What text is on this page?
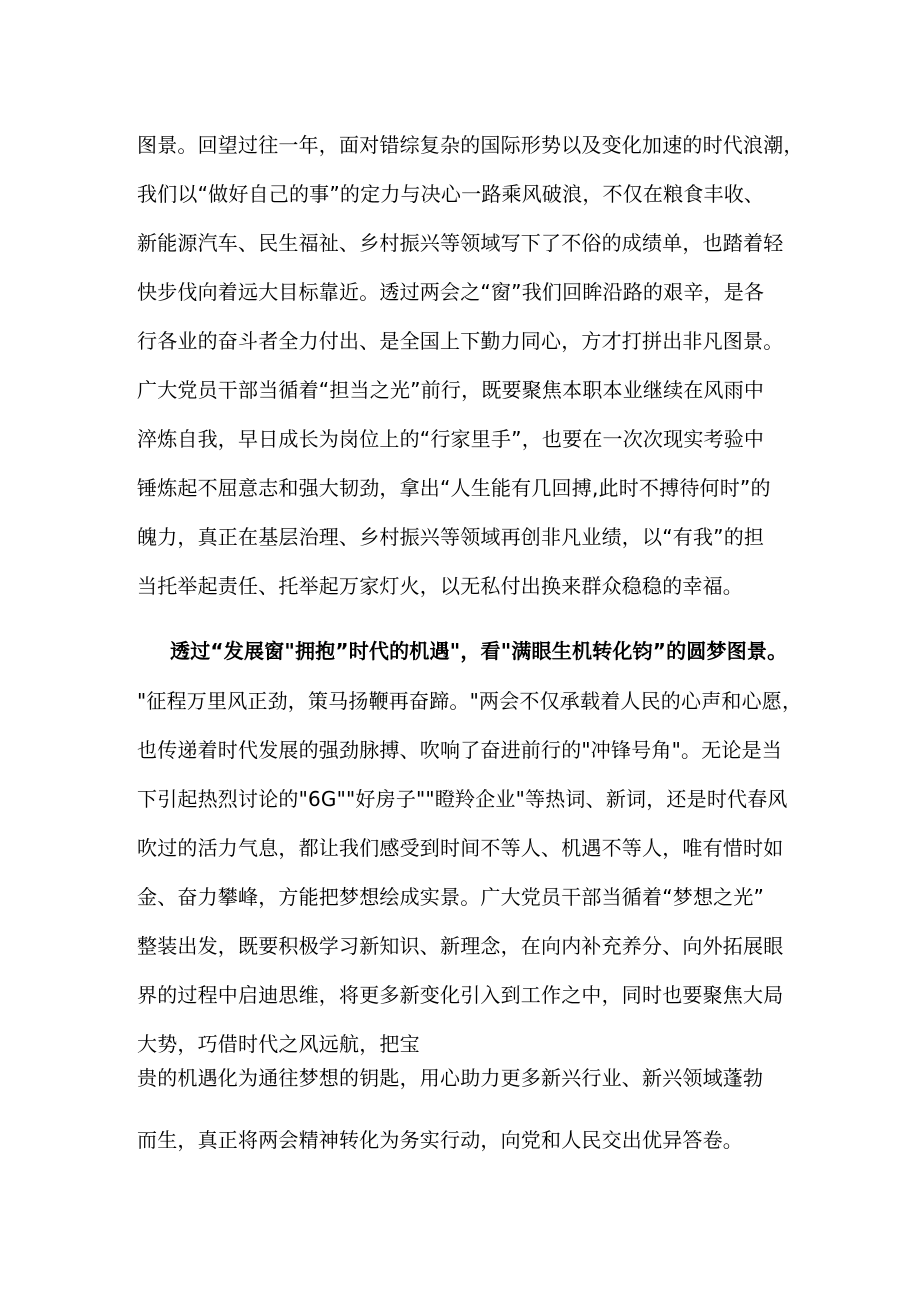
图景。回望过往一年，面对错综复杂的国际形势以及变化加速的时代浪潮，
我们以“做好自己的事”的定力与决心一路乘风破浪，不仅在粮食丰收、
新能源汽车、民生福祉、乡村振兴等领域写下了不俗的成绩单，也踏着轻
快步伐向着远大目标靠近。透过两会之“窗”我们回眸沿路的艰辛，是各
行各业的奋斗者全力付出、是全国上下勤力同心，方才打拼出非凡图景。
广大党员干部当循着“担当之光”前行，既要聚焦本职本业继续在风雨中
淬炼自我，早日成长为岗位上的“行家里手”，也要在一次次现实考验中
锤炼起不屈意志和强大韧劲，拿出“人生能有几回搏,此时不搏待何时”的
魄力，真正在基层治理、乡村振兴等领域再创非凡业绩，以“有我”的担
当托举起责任、托举起万家灯火，以无私付出换来群众稳稳的幸福。
透过“发展窗"拥抱”时代的机遇"，看"满眼生机转化钧”的圆梦图景。
"征程万里风正劲，策马扬鞭再奋蹄。"两会不仅承载着人民的心声和心愿，
也传递着时代发展的强劲脉搏、吹响了奋进前行的"冲锋号角"。无论是当
下引起热烈讨论的"6G""好房子""瞪羚企业"等热词、新词，还是时代春风
吹过的活力气息，都让我们感受到时间不等人、机遇不等人，唯有惜时如
金、奋力攀峰，方能把梦想绘成实景。广大党员干部当循着“梦想之光”
整装出发，既要积极学习新知识、新理念，在向内补充养分、向外拓展眼
界的过程中启迪思维，将更多新变化引入到工作之中，同时也要聚焦大局
大势，巧借时代之风远航，把宝
贵的机遇化为通往梦想的钥匙，用心助力更多新兴行业、新兴领域蓬勃
而生，真正将两会精神转化为务实行动，向党和人民交出优异答卷。
